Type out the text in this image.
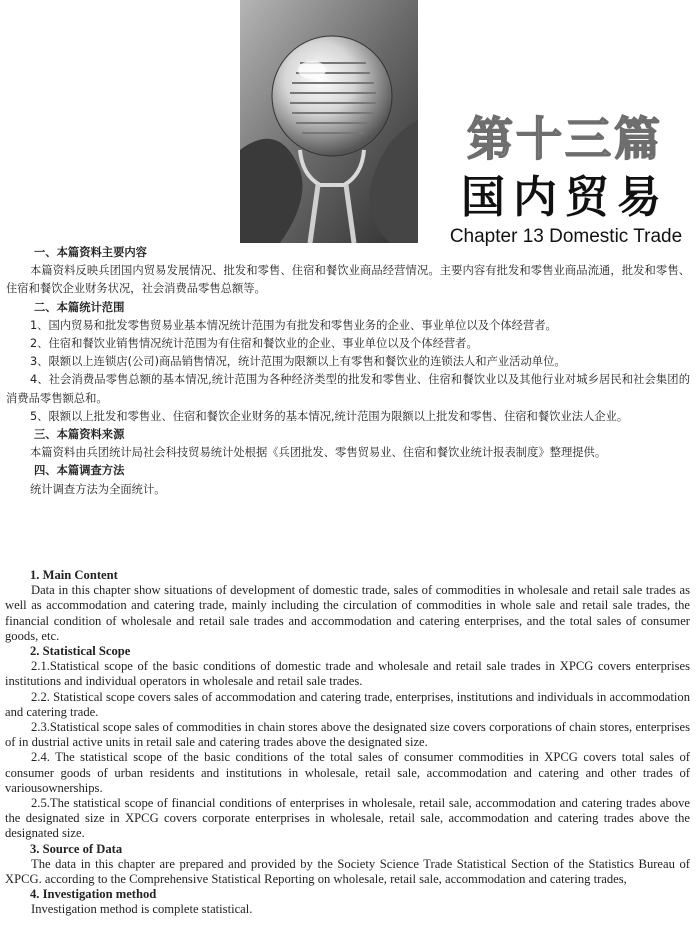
第十三篇
国内贸易
Chapter 13 Domestic Trade
一、本篇资料主要内容

本篇资料反映兵团国内贸易发展情况、批发和零售、住宿和餐饮业商品经营情况。主要内容有批发和零售业商品流通，批发和零售、住宿和餐饮企业财务状况，社会消费品零售总额等。

二、本篇统计范围

1、国内贸易和批发零售贸易业基本情况统计范围为有批发和零售业务的企业、事业单位以及个体经营者。

2、住宿和餐饮业销售情况统计范围为有住宿和餐饮业的企业、事业单位以及个体经营者。

3、限额以上连锁店(公司)商品销售情况，统计范围为限额以上有零售和餐饮业的连锁法人和产业活动单位。

4、社会消费品零售总额的基本情况,统计范围为各种经济类型的批发和零售业、住宿和餐饮业以及其他行业对城乡居民和社会集团的消费品零售额总和。

5、限额以上批发和零售业、住宿和餐饮企业财务的基本情况,统计范围为限额以上批发和零售、住宿和餐饮业法人企业。

三、本篇资料来源

本篇资料由兵团统计局社会科技贸易统计处根据《兵团批发、零售贸易业、住宿和餐饮业统计报表制度》整理提供。

四、本篇调查方法

统计调查方法为全面统计。

1. Main Content

Data in this chapter show situations of development of domestic trade, sales of commodities in wholesale and retail sale trades as well as accommodation and catering trade, mainly including the circulation of commodities in whole sale and retail sale trades, the financial condition of wholesale and retail sale trades and accommodation and catering enterprises, and the total sales of consumer goods, etc.

2. Statistical Scope

2.1.Statistical scope of the basic conditions of domestic trade and wholesale and retail sale trades in XPCG covers enterprises institutions and individual operators in wholesale and retail sale trades.

2.2. Statistical scope covers sales of accommodation and catering trade, enterprises, institutions and individuals in accommodation and catering trade.

2.3.Statistical scope sales of commodities in chain stores above the designated size covers corporations of chain stores, enterprises of in dustrial active units in retail sale and catering trades above the designated size.

2.4. The statistical scope of the basic conditions of the total sales of consumer commodities in XPCG covers total sales of consumer goods of urban residents and institutions in wholesale, retail sale, accommodation and catering and other trades of variousownerships.

2.5.The statistical scope of financial conditions of enterprises in wholesale, retail sale, accommodation and catering trades above the designated size in XPCG covers corporate enterprises in wholesale, retail sale, accommodation and catering trades above the designated size.

3. Source of Data

The data in this chapter are prepared and provided by the Society Science Trade Statistical Section of the Statistics Bureau of XPCG. according to the Comprehensive Statistical Reporting on wholesale, retail sale, accommodation and catering trades,

4. Investigation method

Investigation method is complete statistical.
